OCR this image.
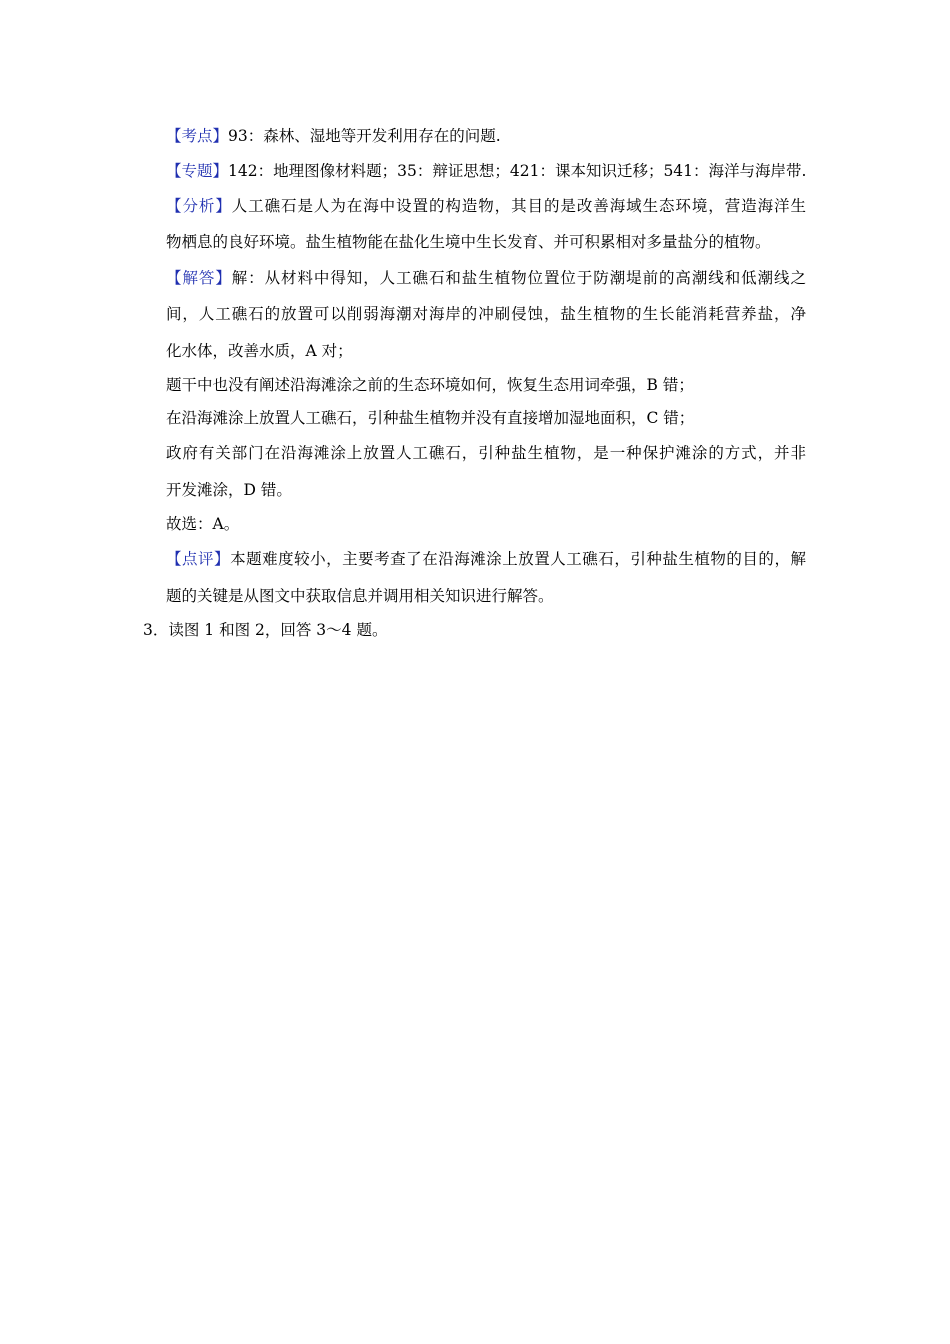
【考点】93：森林、湿地等开发利用存在的问题.
【专题】142：地理图像材料题；35：辩证思想；421：课本知识迁移；541：海洋与海岸带.
【分析】人工礁石是人为在海中设置的构造物，其目的是改善海域生态环境，营造海洋生
物栖息的良好环境。盐生植物能在盐化生境中生长发育、并可积累相对多量盐分的植物。
【解答】解：从材料中得知，人工礁石和盐生植物位置位于防潮堤前的高潮线和低潮线之
间，人工礁石的放置可以削弱海潮对海岸的冲刷侵蚀，盐生植物的生长能消耗营养盐，净
化水体，改善水质，A 对；
题干中也没有阐述沿海滩涂之前的生态环境如何，恢复生态用词牵强，B 错；
在沿海滩涂上放置人工礁石，引种盐生植物并没有直接增加湿地面积，C 错；
政府有关部门在沿海滩涂上放置人工礁石，引种盐生植物，是一种保护滩涂的方式，并非
开发滩涂，D 错。
故选：A。
【点评】本题难度较小，主要考查了在沿海滩涂上放置人工礁石，引种盐生植物的目的，解
题的关键是从图文中获取信息并调用相关知识进行解答。
3．读图 1 和图 2，回答 3～4 题。
